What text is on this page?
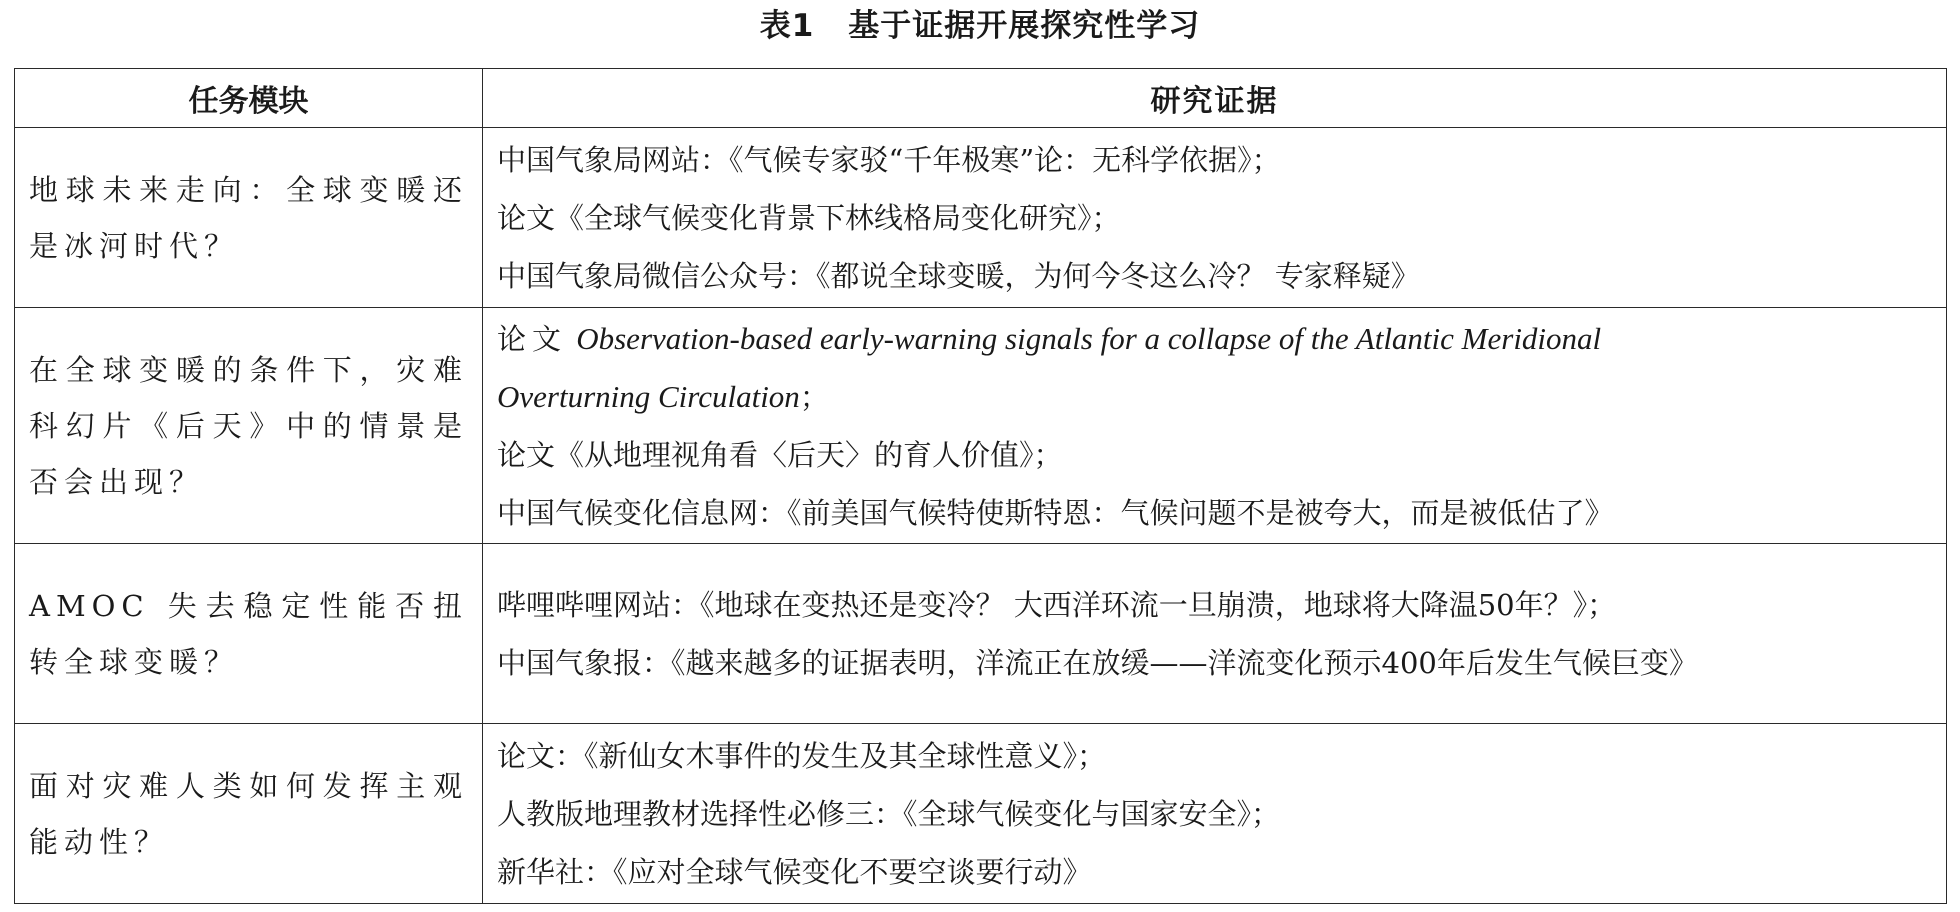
表1 基于证据开展探究性学习
任务模块	研究证据
地球未来走向：全球变暖还是冰河时代？	中国气象局网站：《气候专家驳“千年极寒”论：无科学依据》；
论文《全球气候变化背景下林线格局变化研究》；
中国气象局微信公众号：《都说全球变暖，为何今冬这么冷？ 专家释疑》

在全球变暖的条件下，灾难科幻片《后天》中的情景是否会出现？	论文 Observation-based early-warning signals for a collapse of the Atlantic Meridional
Overturning Circulation；
论文《从地理视角看〈后天〉的育人价值》；
中国气候变化信息网：《前美国气候特使斯特恩：气候问题不是被夸大，而是被低估了》

AMOC 失去稳定性能否扭转全球变暖？	哔哩哔哩网站：《地球在变热还是变冷？ 大西洋环流一旦崩溃，地球将大降温50年？》；
中国气象报：《越来越多的证据表明，洋流正在放缓——洋流变化预示400年后发生气候巨变》

面对灾难人类如何发挥主观能动性？	论文：《新仙女木事件的发生及其全球性意义》；
人教版地理教材选择性必修三：《全球气候变化与国家安全》；
新华社：《应对全球气候变化不要空谈要行动》
